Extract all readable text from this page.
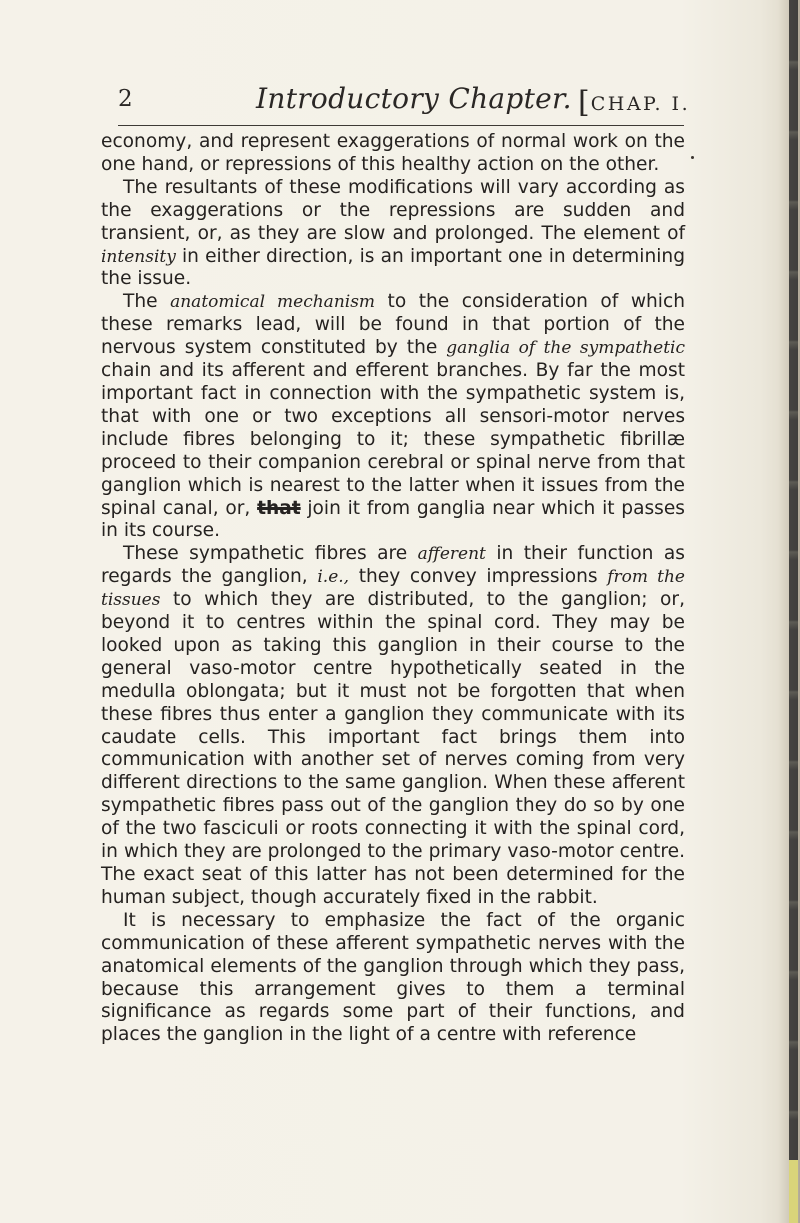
2	Introductory Chapter. [CHAP. I.

economy, and represent exaggerations of normal work on the one hand, or repressions of this healthy action on the other.

The resultants of these modifications will vary according as the exaggerations or the repressions are sudden and transient, or, as they are slow and prolonged. The element of intensity in either direction, is an important one in determining the issue.

The anatomical mechanism to the consideration of which these remarks lead, will be found in that portion of the nervous system constituted by the ganglia of the sympathetic chain and its afferent and efferent branches. By far the most important fact in connection with the sympathetic system is, that with one or two exceptions all sensori-motor nerves include fibres belonging to it; these sympathetic fibrillæ proceed to their companion cerebral or spinal nerve from that ganglion which is nearest to the latter when it issues from the spinal canal, or, that join it from ganglia near which it passes in its course.

These sympathetic fibres are afferent in their function as regards the ganglion, i.e., they convey impressions from the tissues to which they are distributed, to the ganglion; or, beyond it to centres within the spinal cord. They may be looked upon as taking this ganglion in their course to the general vaso-motor centre hypothetically seated in the medulla oblongata; but it must not be forgotten that when these fibres thus enter a ganglion they communicate with its caudate cells. This important fact brings them into communication with another set of nerves coming from very different directions to the same ganglion. When these afferent sympathetic fibres pass out of the ganglion they do so by one of the two fasciculi or roots connecting it with the spinal cord, in which they are prolonged to the primary vaso-motor centre. The exact seat of this latter has not been determined for the human subject, though accurately fixed in the rabbit.

It is necessary to emphasize the fact of the organic communication of these afferent sympathetic nerves with the anatomical elements of the ganglion through which they pass, because this arrangement gives to them a terminal significance as regards some part of their functions, and places the ganglion in the light of a centre with reference
